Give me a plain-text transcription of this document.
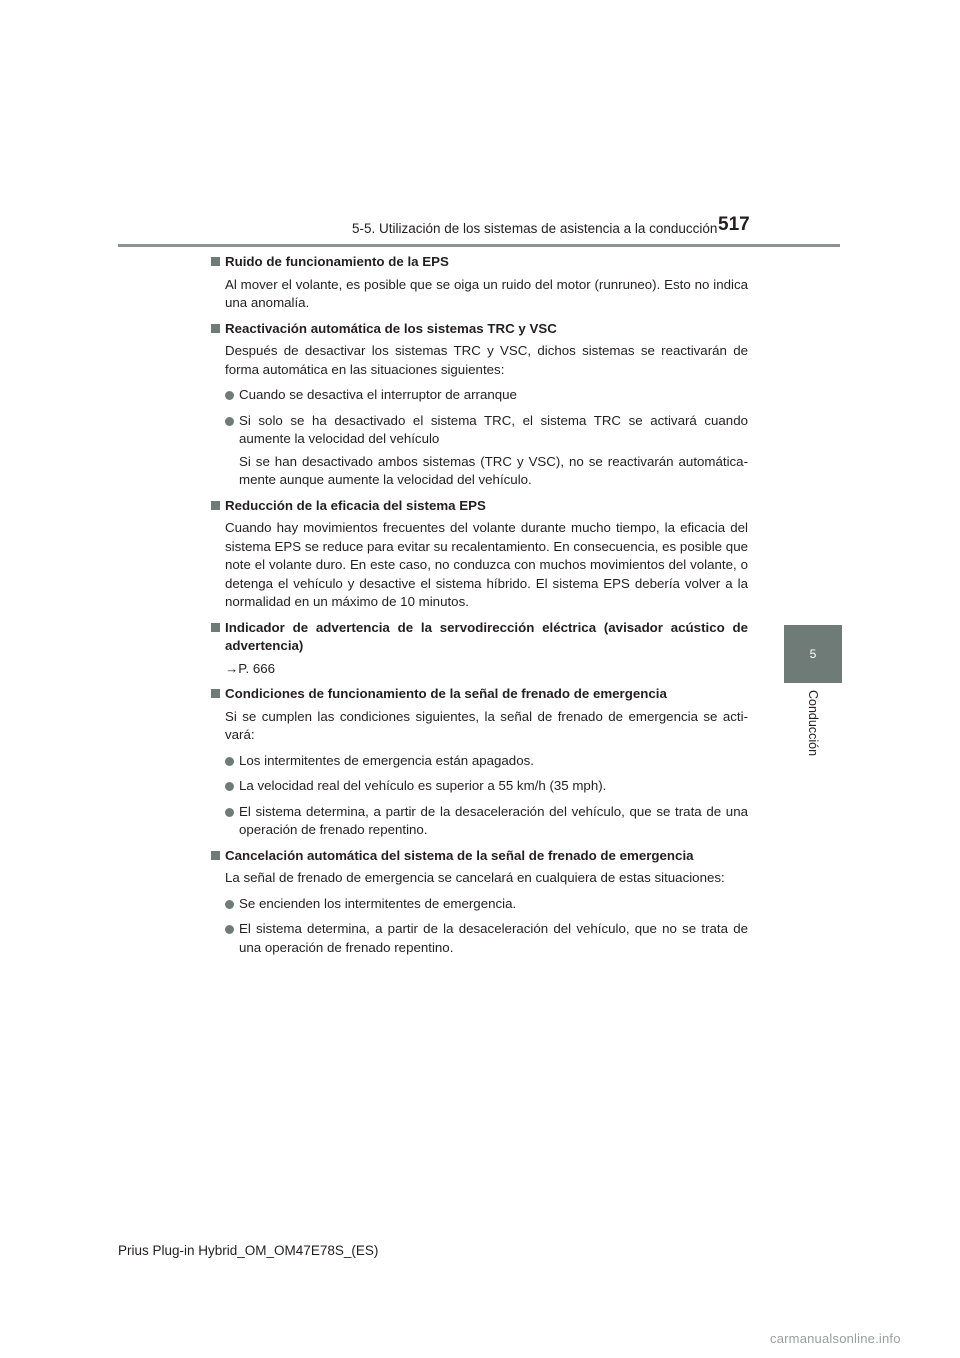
5-5. Utilización de los sistemas de asistencia a la conducción 517
5
Conducción
Ruido de funcionamiento de la EPS
Al mover el volante, es posible que se oiga un ruido del motor (runruneo). Esto no indica una anomalía.
Reactivación automática de los sistemas TRC y VSC
Después de desactivar los sistemas TRC y VSC, dichos sistemas se reactivarán de forma automática en las situaciones siguientes:
Cuando se desactiva el interruptor de arranque
Si solo se ha desactivado el sistema TRC, el sistema TRC se activará cuando aumente la velocidad del vehículo
Si se han desactivado ambos sistemas (TRC y VSC), no se reactivarán automática-mente aunque aumente la velocidad del vehículo.
Reducción de la eficacia del sistema EPS
Cuando hay movimientos frecuentes del volante durante mucho tiempo, la eficacia del sistema EPS se reduce para evitar su recalentamiento. En consecuencia, es posible que note el volante duro. En este caso, no conduzca con muchos movimientos del volante, o detenga el vehículo y desactive el sistema híbrido. El sistema EPS debería volver a la normalidad en un máximo de 10 minutos.
Indicador de advertencia de la servodirección eléctrica (avisador acústico de advertencia)
→P. 666
Condiciones de funcionamiento de la señal de frenado de emergencia
Si se cumplen las condiciones siguientes, la señal de frenado de emergencia se acti-vará:
Los intermitentes de emergencia están apagados.
La velocidad real del vehículo es superior a 55 km/h (35 mph).
El sistema determina, a partir de la desaceleración del vehículo, que se trata de una operación de frenado repentino.
Cancelación automática del sistema de la señal de frenado de emergencia
La señal de frenado de emergencia se cancelará en cualquiera de estas situaciones:
Se encienden los intermitentes de emergencia.
El sistema determina, a partir de la desaceleración del vehículo, que no se trata de una operación de frenado repentino.
Prius Plug-in Hybrid_OM_OM47E78S_(ES)
carmanualsonline.info
